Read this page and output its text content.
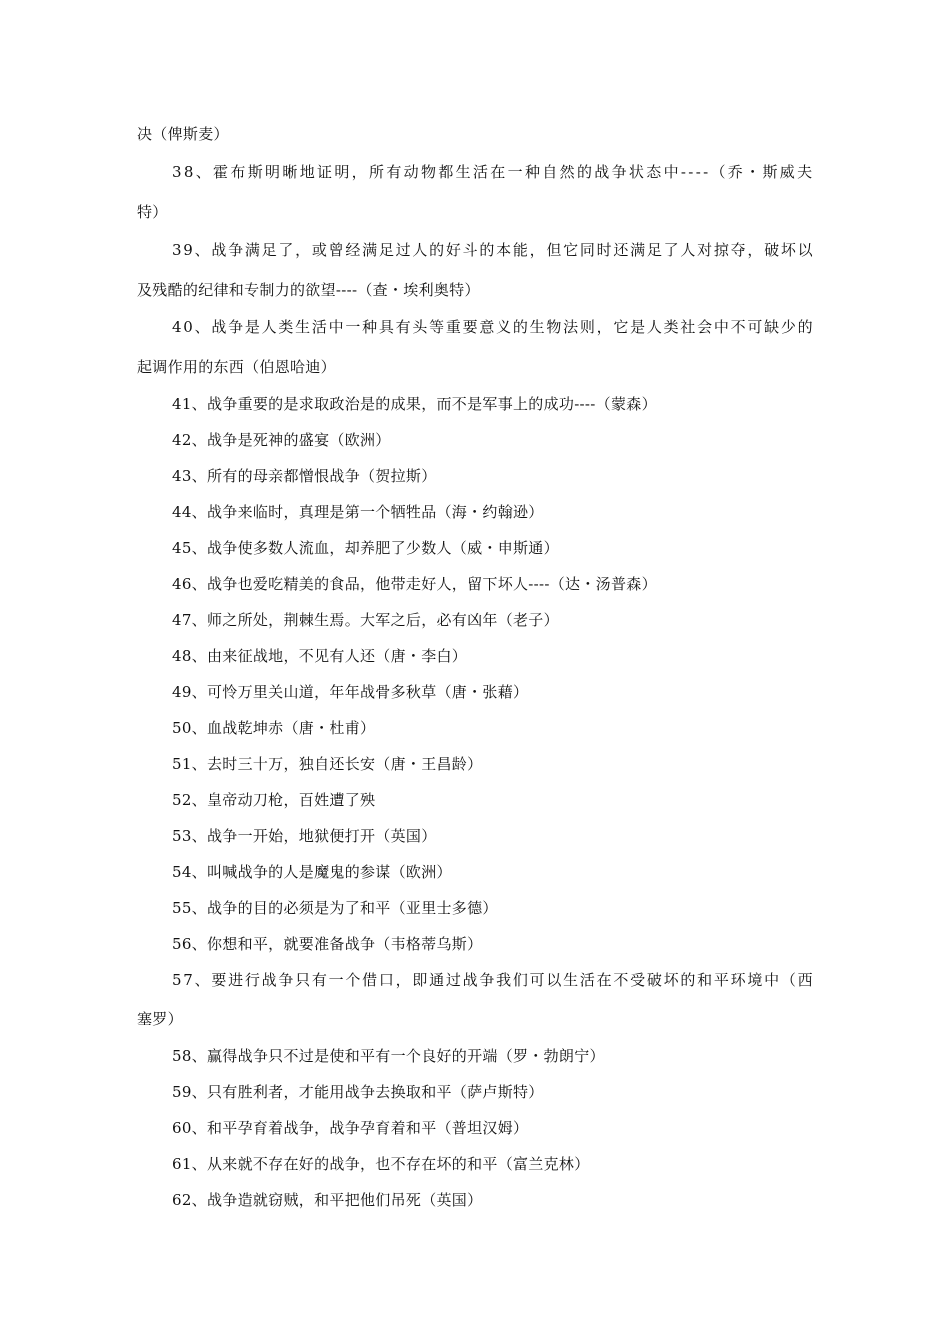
决（俾斯麦）
3 8 、 霍 布 斯 明 晰 地 证 明 ， 所 有 动 物 都 生 活 在 一 种 自 然 的 战 争 状 态 中 - - - - （ 乔 ・ 斯 威 夫
特）
3 9 、 战 争 满 足 了 ， 或 曾 经 满 足 过 人 的 好 斗 的 本 能 ， 但 它 同 时 还 满 足 了 人 对 掠 夺 ， 破 坏 以
及残酷的纪律和专制力的欲望----（查・埃利奥特）
4 0 、 战 争 是 人 类 生 活 中 一 种 具 有 头 等 重 要 意 义 的 生 物 法 则 ， 它 是 人 类 社 会 中 不 可 缺 少 的
起调作用的东西（伯恩哈迪）
41、战争重要的是求取政治是的成果，而不是军事上的成功----（蒙森）
42、战争是死神的盛宴（欧洲）
43、所有的母亲都憎恨战争（贺拉斯）
44、战争来临时，真理是第一个牺牲品（海・约翰逊）
45、战争使多数人流血，却养肥了少数人（威・申斯通）
46、战争也爱吃精美的食品，他带走好人，留下坏人----（达・汤普森）
47、师之所处，荆棘生焉。大军之后，必有凶年（老子）
48、由来征战地，不见有人还（唐・李白）
49、可怜万里关山道，年年战骨多秋草（唐・张藉）
50、血战乾坤赤（唐・杜甫）
51、去时三十万，独自还长安（唐・王昌龄）
52、皇帝动刀枪，百姓遭了殃
53、战争一开始，地狱便打开（英国）
54、叫喊战争的人是魔鬼的参谋（欧洲）
55、战争的目的必须是为了和平（亚里士多德）
56、你想和平，就要准备战争（韦格蒂乌斯）
5 7 、 要 进 行 战 争 只 有 一 个 借 口 ， 即 通 过 战 争 我 们 可 以 生 活 在 不 受 破 坏 的 和 平 环 境 中 （ 西
塞罗）
58、赢得战争只不过是使和平有一个良好的开端（罗・勃朗宁）
59、只有胜利者，才能用战争去换取和平（萨卢斯特）
60、和平孕育着战争，战争孕育着和平（普坦汉姆）
61、从来就不存在好的战争，也不存在坏的和平（富兰克林）
62、战争造就窃贼，和平把他们吊死（英国）
